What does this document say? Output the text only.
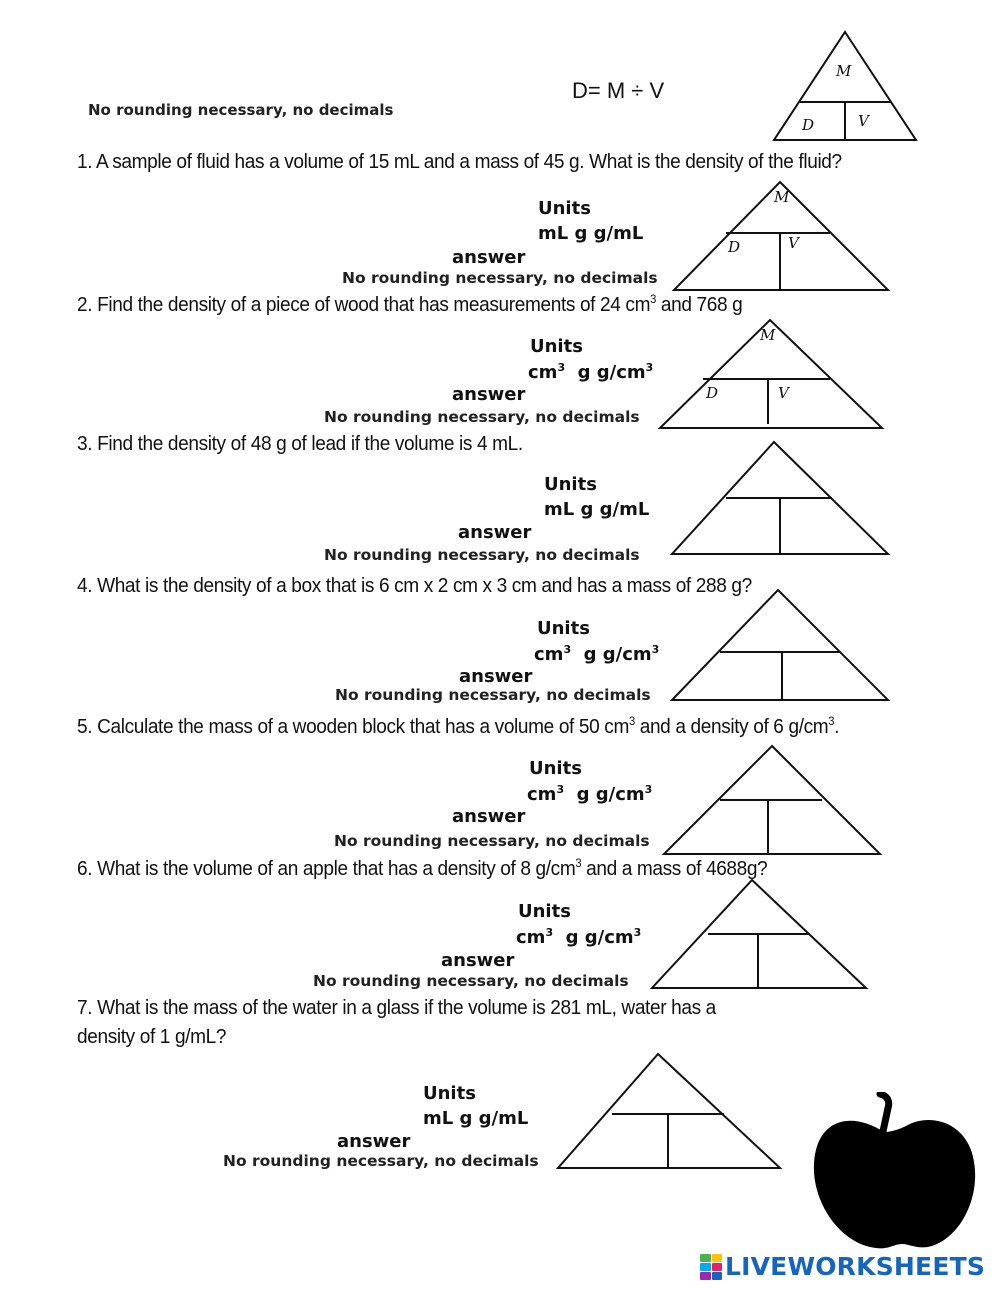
No rounding necessary, no decimals
D= M ÷ V
M
D	V
1. A sample of fluid has a volume of 15 mL and a mass of 45 g. What is the density of the fluid?
Units
mL g g/mL
answer
No rounding necessary, no decimals
M
D	V
2. Find the density of a piece of wood that has measurements of 24 $cm^3$ and 768 g
Units
$cm^3$  g $g/cm^3$
answer
No rounding necessary, no decimals
M
D	V
3. Find the density of 48 g of lead if the volume is 4 mL.
Units
mL g g/mL
answer
No rounding necessary, no decimals
4. What is the density of a box that is 6 cm x 2 cm x 3 cm and has a mass of 288 g?
Units
$cm^3$  g $g/cm^3$
answer
No rounding necessary, no decimals
5. Calculate the mass of a wooden block that has a volume of 50 $cm^3$ and a density of 6 $g/cm^3$.
Units
$cm^3$  g $g/cm^3$
answer
No rounding necessary, no decimals
6. What is the volume of an apple that has a density of 8 $g/cm^3$ and a mass of 4688g?
Units
$cm^3$  g $g/cm^3$
answer
No rounding necessary, no decimals
7. What is the mass of the water in a glass if the volume is 281 mL, water has a
density of 1 g/mL?
Units
mL g g/mL
answer
No rounding necessary, no decimals
LIVEWORKSHEETS
